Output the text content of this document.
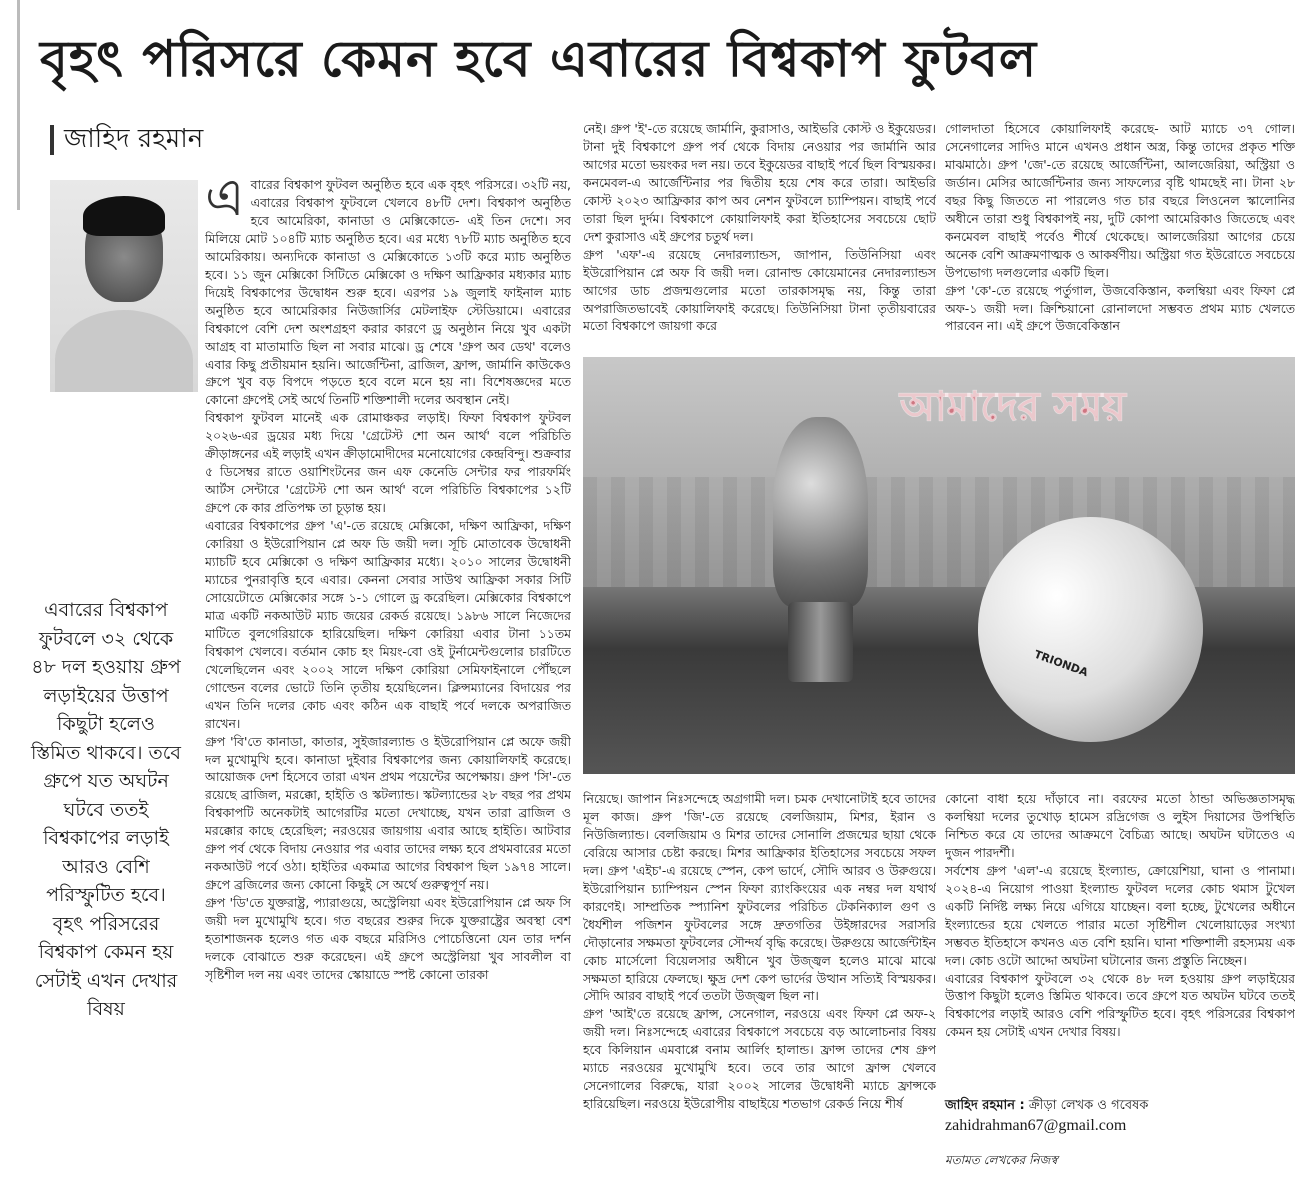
বৃহৎ পরিসরে কেমন হবে এবারের বিশ্বকাপ ফুটবল
জাহিদ রহমান
এবারের বিশ্বকাপ ফুটবলে ৩২ থেকে ৪৮ দল হওয়ায় গ্রুপ লড়াইয়ের উত্তাপ কিছুটা হলেও স্তিমিত থাকবে। তবে গ্রুপে যত অঘটন ঘটবে ততই বিশ্বকাপের লড়াই আরও বেশি পরিস্ফুটিত হবে। বৃহৎ পরিসরের বিশ্বকাপ কেমন হয় সেটাই এখন দেখার বিষয়
এ বারের বিশ্বকাপ ফুটবল অনুষ্ঠিত হবে এক বৃহৎ পরিসরে। ৩২টি নয়, এবারের বিশ্বকাপ ফুটবলে খেলবে ৪৮টি দেশ। বিশ্বকাপ অনুষ্ঠিত হবে আমেরিকা, কানাডা ও মেক্সিকোতে- এই তিন দেশে। সব মিলিয়ে মোট ১০৪টি ম্যাচ অনুষ্ঠিত হবে। এর মধ্যে ৭৮টি ম্যাচ অনুষ্ঠিত হবে আমেরিকায়। অন্যদিকে কানাডা ও মেক্সিকোতে ১৩টি করে ম্যাচ অনুষ্ঠিত হবে। ১১ জুন মেক্সিকো সিটিতে মেক্সিকো ও দক্ষিণ আফ্রিকার মধ্যকার ম্যাচ দিয়েই বিশ্বকাপের উদ্বোধন শুরু হবে। এরপর ১৯ জুলাই ফাইনাল ম্যাচ অনুষ্ঠিত হবে আমেরিকার নিউজার্সির মেটলাইফ স্টেডিয়ামে। এবারের বিশ্বকাপে বেশি দেশ অংশগ্রহণ করার কারণে ড্র অনুষ্ঠান নিয়ে খুব একটা আগ্রহ বা মাতামাতি ছিল না সবার মাঝে। ড্র শেষে 'গ্রুপ অব ডেথ' বলেও এবার কিছু প্রতীয়মান হয়নি। আর্জেন্টিনা, ব্রাজিল, ফ্রান্স, জার্মানি কাউকেও গ্রুপে খুব বড় বিপদে পড়তে হবে বলে মনে হয় না। বিশেষজ্ঞদের মতে কোনো গ্রুপেই সেই অর্থে তিনটি শক্তিশালী দলের অবস্থান নেই।

বিশ্বকাপ ফুটবল মানেই এক রোমাঞ্চকর লড়াই। ফিফা বিশ্বকাপ ফুটবল ২০২৬-এর ড্রয়ের মধ্য দিয়ে 'গ্রেটেস্ট শো অন আর্থ' বলে পরিচিতি ক্রীড়াঙ্গনের এই লড়াই এখন ক্রীড়ামোদীদের মনোযোগের কেন্দ্রবিন্দু। শুক্রবার ৫ ডিসেম্বর রাতে ওয়াশিংটনের জন এফ কেনেডি সেন্টার ফর পারফর্মিং আর্টস সেন্টারে 'গ্রেটেস্ট শো অন আর্থ' বলে পরিচিতি বিশ্বকাপের ১২টি গ্রুপে কে কার প্রতিপক্ষ তা চূড়ান্ত হয়।

এবারের বিশ্বকাপের গ্রুপ 'এ'-তে রয়েছে মেক্সিকো, দক্ষিণ আফ্রিকা, দক্ষিণ কোরিয়া ও ইউরোপিয়ান প্লে অফ ডি জয়ী দল। সূচি মোতাবেক উদ্বোধনী ম্যাচটি হবে মেক্সিকো ও দক্ষিণ আফ্রিকার মধ্যে। ২০১০ সালের উদ্বোধনী ম্যাচের পুনরাবৃত্তি হবে এবার। কেননা সেবার সাউথ আফ্রিকা সকার সিটি সোয়েটোতে মেক্সিকোর সঙ্গে ১-১ গোলে ড্র করেছিল। মেক্সিকোর বিশ্বকাপে মাত্র একটি নকআউট ম্যাচ জয়ের রেকর্ড রয়েছে। ১৯৮৬ সালে নিজেদের মাটিতে বুলগেরিয়াকে হারিয়েছিল। দক্ষিণ কোরিয়া এবার টানা ১১তম বিশ্বকাপ খেলবে। বর্তমান কোচ হং মিয়ং-বো ওই টুর্নামেন্টগুলোর চারটিতে খেলেছিলেন এবং ২০০২ সালে দক্ষিণ কোরিয়া সেমিফাইনালে পৌঁছলে গোল্ডেন বলের ভোটে তিনি তৃতীয় হয়েছিলেন। ক্লিন্সম্যানের বিদায়ের পর এখন তিনি দলের কোচ এবং কঠিন এক বাছাই পর্বে দলকে অপরাজিত রাখেন।

গ্রুপ 'বি'তে কানাডা, কাতার, সুইজারল্যান্ড ও ইউরোপিয়ান প্লে অফে জয়ী দল মুখোমুখি হবে। কানাডা দুইবার বিশ্বকাপের জন্য কোয়ালিফাই করেছে। আয়োজক দেশ হিসেবে তারা এখন প্রথম পয়েন্টের অপেক্ষায়। গ্রুপ 'সি'-তে রয়েছে ব্রাজিল, মরক্কো, হাইতি ও স্কটল্যান্ড। স্কটল্যান্ডের ২৮ বছর পর প্রথম বিশ্বকাপটি অনেকটাই আগেরটির মতো দেখাচ্ছে, যখন তারা ব্রাজিল ও মরক্কোর কাছে হেরেছিল; নরওয়ের জায়গায় এবার আছে হাইতি। আটবার গ্রুপ পর্ব থেকে বিদায় নেওয়ার পর এবার তাদের লক্ষ্য হবে প্রথমবারের মতো নকআউট পর্বে ওঠা। হাইতির একমাত্র আগের বিশ্বকাপ ছিল ১৯৭৪ সালে। গ্রুপে ব্রজিলের জন্য কোনো কিছুই সে অর্থে গুরুত্বপূর্ণ নয়।

গ্রুপ 'ডি'তে যুক্তরাষ্ট্র, প্যারাগুয়ে, অস্ট্রেলিয়া এবং ইউরোপিয়ান প্লে অফ সি জয়ী দল মুখোমুখি হবে। গত বছরের শুরুর দিকে যুক্তরাষ্ট্রের অবস্থা বেশ হতাশাজনক হলেও গত এক বছরে মরিসিও পোচেত্তিনো যেন তার দর্শন দলকে বোঝাতে শুরু করেছেন। এই গ্রুপে অস্ট্রেলিয়া খুব সাবলীল বা সৃষ্টিশীল দল নয় এবং তাদের স্কোয়াডে স্পষ্ট কোনো তারকা

নেই। গ্রুপ 'ই'-তে রয়েছে জার্মানি, কুরাসাও, আইভরি কোস্ট ও ইকুয়েডর। টানা দুই বিশ্বকাপে গ্রুপ পর্ব থেকে বিদায় নেওয়ার পর জার্মানি আর আগের মতো ভয়ংকর দল নয়। তবে ইকুয়েডর বাছাই পর্বে ছিল বিস্ময়কর। কনমেবল-এ আর্জেন্টিনার পর দ্বিতীয় হয়ে শেষ করে তারা। আইভরি কোস্ট ২০২৩ আফ্রিকার কাপ অব নেশন ফুটবলে চ্যাম্পিয়ন। বাছাই পর্বে তারা ছিল দুর্দম। বিশ্বকাপে কোয়ালিফাই করা ইতিহাসের সবচেয়ে ছোট দেশ কুরাসাও এই গ্রুপের চতুর্থ দল।

গ্রুপ 'এফ'-এ রয়েছে নেদারল্যান্ডস, জাপান, তিউনিসিয়া এবং ইউরোপিয়ান প্লে অফ বি জয়ী দল। রোনাল্ড কোয়েমানের নেদারল্যান্ডস আগের ডাচ প্রজন্মগুলোর মতো তারকাসমৃদ্ধ নয়, কিন্তু তারা অপরাজিতভাবেই কোয়ালিফাই করেছে। তিউনিসিয়া টানা তৃতীয়বারের মতো বিশ্বকাপে জায়গা করে

গোলদাতা হিসেবে কোয়ালিফাই করেছে- আট ম্যাচে ৩৭ গোল। সেনেগালের সাদিও মানে এখনও প্রধান অস্ত্র, কিন্তু তাদের প্রকৃত শক্তি মাঝমাঠে। গ্রুপ 'জে'-তে রয়েছে আর্জেন্টিনা, আলজেরিয়া, অস্ট্রিয়া ও জর্ডান। মেসির আর্জেন্টিনার জন্য সাফল্যের বৃষ্টি থামছেই না। টানা ২৮ বছর কিছু জিততে না পারলেও গত চার বছরে লিওনেল স্কালোনির অধীনে তারা শুধু বিশ্বকাপই নয়, দুটি কোপা আমেরিকাও জিতেছে এবং কনমেবল বাছাই পর্বেও শীর্ষে থেকেছে। আলজেরিয়া আগের চেয়ে অনেক বেশি আক্রমণাত্মক ও আকর্ষণীয়। অস্ট্রিয়া গত ইউরোতে সবচেয়ে উপভোগ্য দলগুলোর একটি ছিল।

গ্রুপ 'কে'-তে রয়েছে পর্তুগাল, উজবেকিস্তান, কলম্বিয়া এবং ফিফা প্লে অফ-১ জয়ী দল। ক্রিশ্চিয়ানো রোনালদো সম্ভবত প্রথম ম্যাচ খেলতে পারবেন না। এই গ্রুপে উজবেকিস্তান

TRIONDA
আমাদের সময়

নিয়েছে। জাপান নিঃসন্দেহে অগ্রগামী দল। চমক দেখানোটাই হবে তাদের মূল কাজ। গ্রুপ 'জি'-তে রয়েছে বেলজিয়াম, মিশর, ইরান ও নিউজিল্যান্ড। বেলজিয়াম ও মিশর তাদের সোনালি প্রজন্মের ছায়া থেকে বেরিয়ে আসার চেষ্টা করছে। মিশর আফ্রিকার ইতিহাসের সবচেয়ে সফল দল। গ্রুপ 'এইচ'-এ রয়েছে স্পেন, কেপ ভার্দে, সৌদি আরব ও উরুগুয়ে। ইউরোপিয়ান চ্যাম্পিয়ন স্পেন ফিফা র‌্যাংকিংয়ের এক নম্বর দল যথার্থ কারণেই। সাম্প্রতিক স্প্যানিশ ফুটবলের পরিচিত টেকনিক্যাল গুণ ও ধৈর্যশীল পজিশন ফুটবলের সঙ্গে দ্রুতগতির উইঙ্গারদের সরাসরি দৌড়ানোর সক্ষমতা ফুটবলের সৌন্দর্য বৃদ্ধি করেছে। উরুগুয়ে আর্জেন্টাইন কোচ মার্সেলো বিয়েলসার অধীনে খুব উজ্জ্বল হলেও মাঝে মাঝে সক্ষমতা হারিয়ে ফেলছে। ক্ষুদ্র দেশ কেপ ভার্দের উত্থান সত্যিই বিস্ময়কর। সৌদি আরব বাছাই পর্বে ততটা উজ্জ্বল ছিল না।

গ্রুপ 'আই'তে রয়েছে ফ্রান্স, সেনেগাল, নরওয়ে এবং ফিফা প্লে অফ-২ জয়ী দল। নিঃসন্দেহে এবারের বিশ্বকাপে সবচেয়ে বড় আলোচনার বিষয় হবে কিলিয়ান এমবাপ্পে বনাম আর্লিং হালান্ড। ফ্রান্স তাদের শেষ গ্রুপ ম্যাচে নরওয়ের মুখোমুখি হবে। তবে তার আগে ফ্রান্স খেলবে সেনেগালের বিরুদ্ধে, যারা ২০০২ সালের উদ্বোধনী ম্যাচে ফ্রান্সকে হারিয়েছিল। নরওয়ে ইউরোপীয় বাছাইয়ে শতভাগ রেকর্ড নিয়ে শীর্ষ

কোনো বাধা হয়ে দাঁড়াবে না। বরফের মতো ঠান্ডা অভিজ্ঞতাসমৃদ্ধ কলম্বিয়া দলের তুখোড় হামেস রদ্রিগেজ ও লুইস দিয়াসের উপস্থিতি নিশ্চিত করে যে তাদের আক্রমণে বৈচিত্র্য আছে। অঘটন ঘটাতেও এ দুজন পারদর্শী।

সর্বশেষ গ্রুপ 'এল'-এ রয়েছে ইংল্যান্ড, ক্রোয়েশিয়া, ঘানা ও পানামা। ২০২৪-এ নিয়োগ পাওয়া ইংল্যান্ড ফুটবল দলের কোচ থমাস টুখেল একটি নির্দিষ্ট লক্ষ্য নিয়ে এগিয়ে যাচ্ছেন। বলা হচ্ছে, টুখেলের অধীনে ইংল্যান্ডের হয়ে খেলতে পারার মতো সৃষ্টিশীল খেলোয়াড়ের সংখ্যা সম্ভবত ইতিহাসে কখনও এত বেশি হয়নি। ঘানা শক্তিশালী রহস্যময় এক দল। কোচ ওটো আদ্দো অঘটনা ঘটানোর জন্য প্রস্তুতি নিচ্ছেন।

এবারের বিশ্বকাপ ফুটবলে ৩২ থেকে ৪৮ দল হওয়ায় গ্রুপ লড়াইয়ের উত্তাপ কিছুটা হলেও স্তিমিত থাকবে। তবে গ্রুপে যত অঘটন ঘটবে ততই বিশ্বকাপের লড়াই আরও বেশি পরিস্ফুটিত হবে। বৃহৎ পরিসরের বিশ্বকাপ কেমন হয় সেটাই এখন দেখার বিষয়।

জাহিদ রহমান : ক্রীড়া লেখক ও গবেষক
zahidrahman67@gmail.com
মতামত লেখকের নিজস্ব
